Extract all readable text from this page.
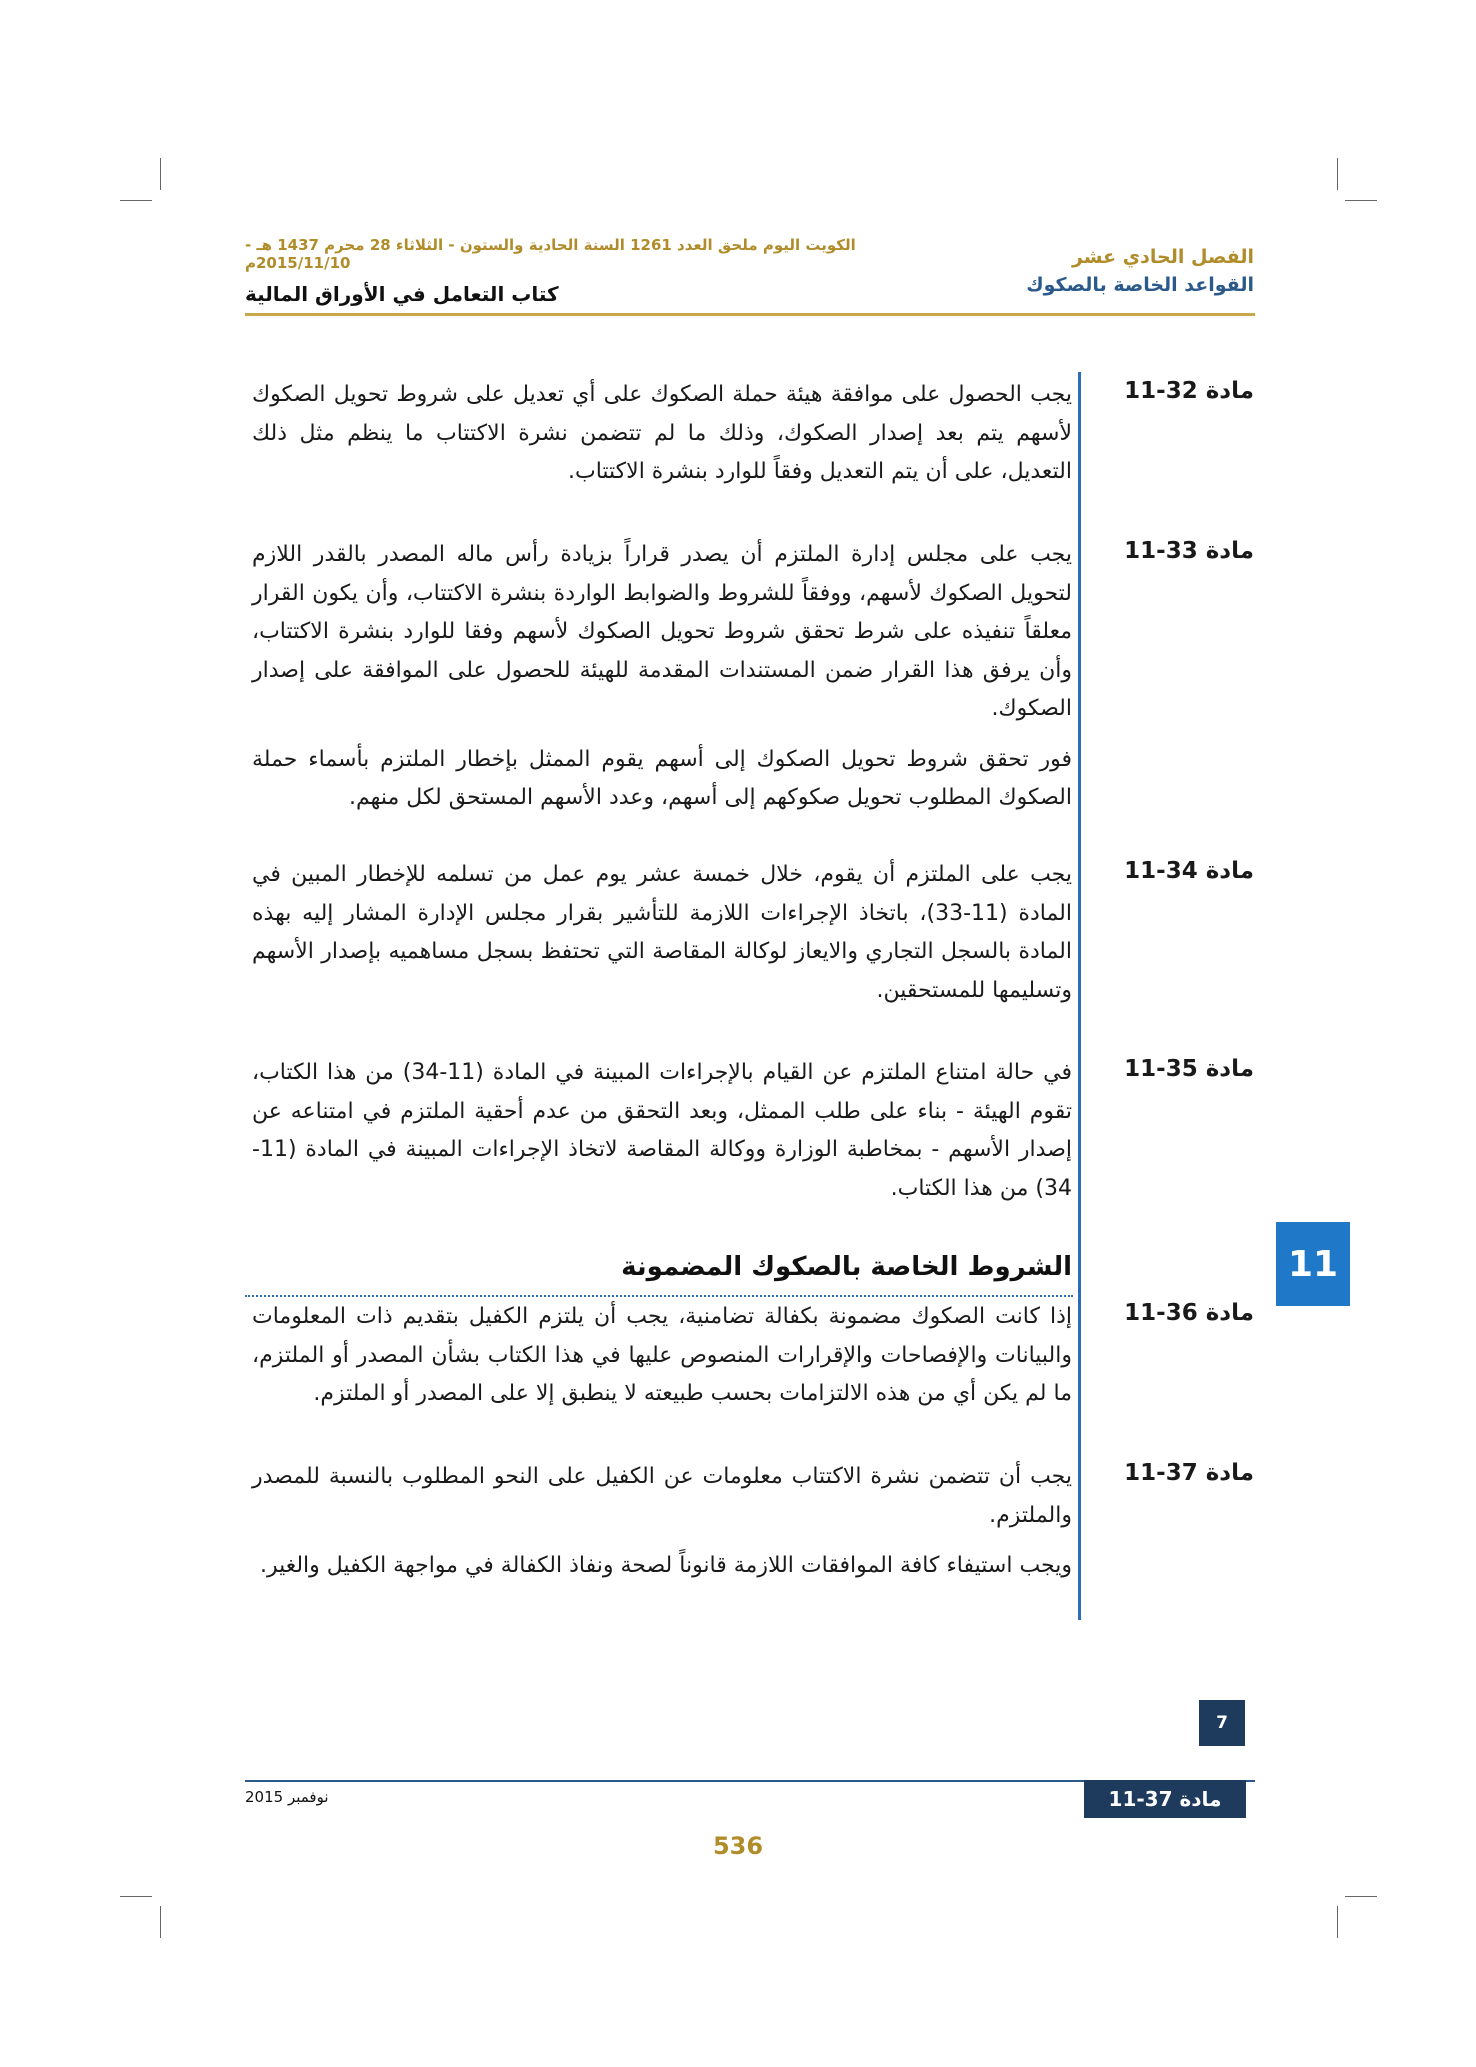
الكويت اليوم ملحق العدد 1261 السنة الحادية والستون - الثلاثاء 28 محرم 1437 هـ - 2015/11/10م
كتاب التعامل في الأوراق المالية
الفصل الحادي عشر
القواعد الخاصة بالصكوك
مادة 11-32
يجب الحصول على موافقة هيئة حملة الصكوك على أي تعديل على شروط تحويل الصكوك لأسهم يتم بعد إصدار الصكوك، وذلك ما لم تتضمن نشرة الاكتتاب ما ينظم مثل ذلك التعديل، على أن يتم التعديل وفقاً للوارد بنشرة الاكتتاب.
مادة 11-33
يجب على مجلس إدارة الملتزم أن يصدر قراراً بزيادة رأس ماله المصدر بالقدر اللازم لتحويل الصكوك لأسهم، ووفقاً للشروط والضوابط الواردة بنشرة الاكتتاب، وأن يكون القرار معلقاً تنفيذه على شرط تحقق شروط تحويل الصكوك لأسهم وفقا للوارد بنشرة الاكتتاب، وأن يرفق هذا القرار ضمن المستندات المقدمة للهيئة للحصول على الموافقة على إصدار الصكوك.
فور تحقق شروط تحويل الصكوك إلى أسهم يقوم الممثل بإخطار الملتزم بأسماء حملة الصكوك المطلوب تحويل صكوكهم إلى أسهم، وعدد الأسهم المستحق لكل منهم.
مادة 11-34
يجب على الملتزم أن يقوم، خلال خمسة عشر يوم عمل من تسلمه للإخطار المبين في المادة (11-33)، باتخاذ الإجراءات اللازمة للتأشير بقرار مجلس الإدارة المشار إليه بهذه المادة بالسجل التجاري والايعاز لوكالة المقاصة التي تحتفظ بسجل مساهميه بإصدار الأسهم وتسليمها للمستحقين.
مادة 11-35
في حالة امتناع الملتزم عن القيام بالإجراءات المبينة في المادة (11-34) من هذا الكتاب، تقوم الهيئة - بناء على طلب الممثل، وبعد التحقق من عدم أحقية الملتزم في امتناعه عن إصدار الأسهم - بمخاطبة الوزارة ووكالة المقاصة لاتخاذ الإجراءات المبينة في المادة (11-34) من هذا الكتاب.
الشروط الخاصة بالصكوك المضمونة
مادة 11-36
إذا كانت الصكوك مضمونة بكفالة تضامنية، يجب أن يلتزم الكفيل بتقديم ذات المعلومات والبيانات والإفصاحات والإقرارات المنصوص عليها في هذا الكتاب بشأن المصدر أو الملتزم، ما لم يكن أي من هذه الالتزامات بحسب طبيعته لا ينطبق إلا على المصدر أو الملتزم.
مادة 11-37
يجب أن تتضمن نشرة الاكتتاب معلومات عن الكفيل على النحو المطلوب بالنسبة للمصدر والملتزم.
ويجب استيفاء كافة الموافقات اللازمة قانوناً لصحة ونفاذ الكفالة في مواجهة الكفيل والغير.
11
7
مادة

11-37
نوفمبر 2015
536
